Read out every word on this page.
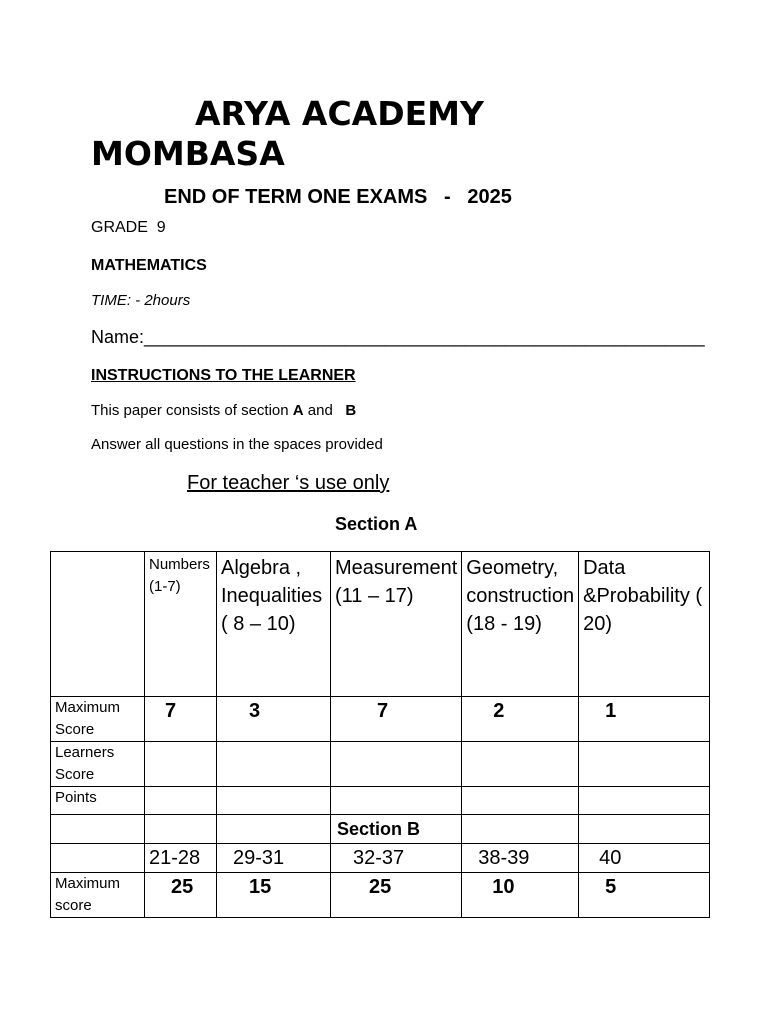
ARYA ACADEMY
MOMBASA
END OF TERM ONE EXAMS   -   2025
GRADE  9
MATHEMATICS
TIME: - 2hours
Name:________________________________________________________
INSTRUCTIONS TO THE LEARNER
This paper consists of section A and   B
Answer all questions in the spaces provided
For teacher ‘s use only
Section A
	Numbers (1-7)	Algebra , Inequalities ( 8 – 10)	Measurement (11 – 17)	Geometry, construction (18 - 19)	Data &Probability ( 20)
Maximum Score	7	3	7	2	1
Learners Score					
Points					
			Section B		
	21-28	29-31	32-37	38-39	40
Maximum score	25	15	25	10	5
